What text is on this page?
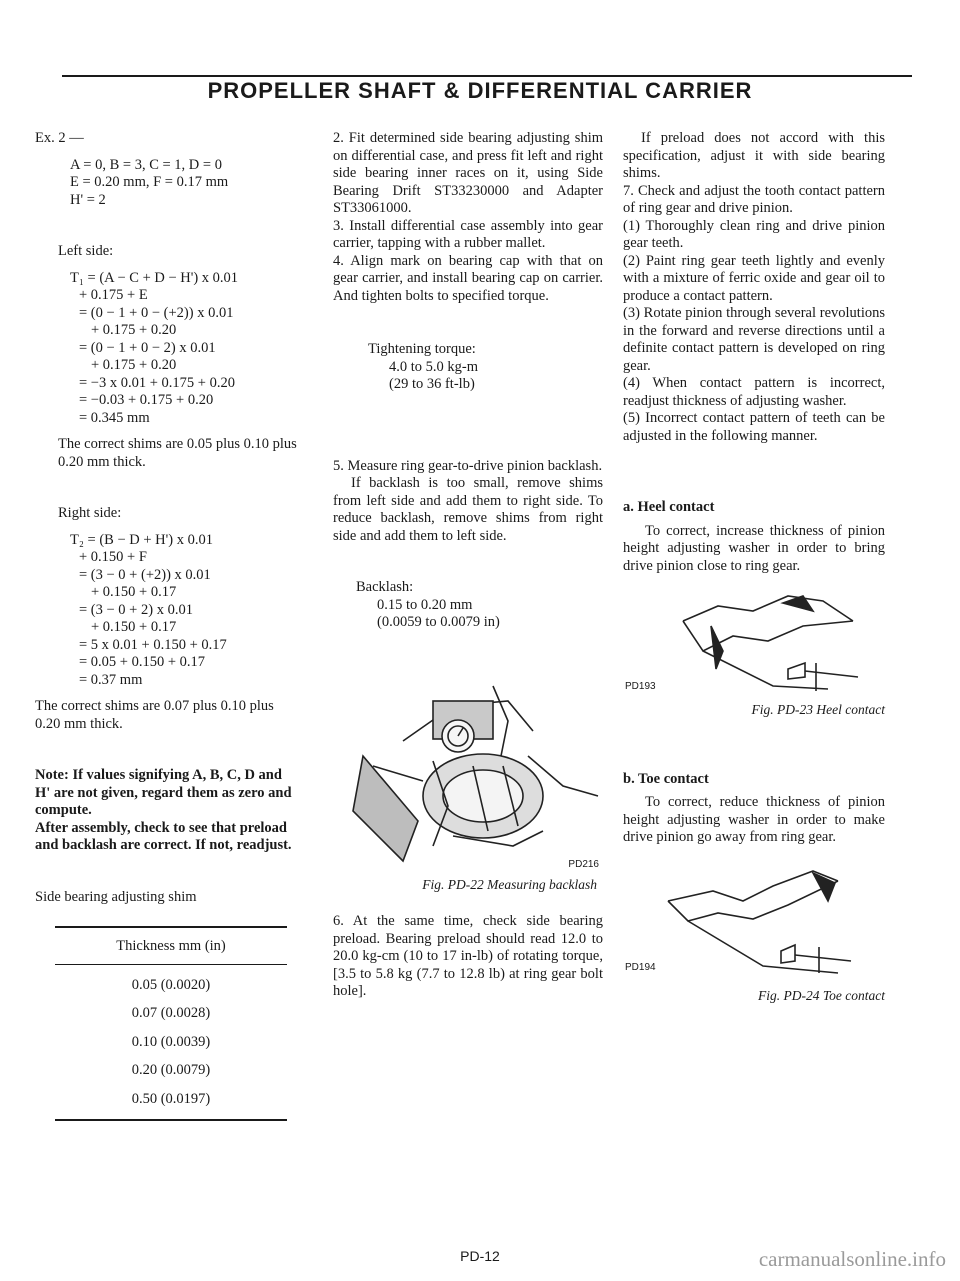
PROPELLER SHAFT & DIFFERENTIAL CARRIER

Ex. 2 —

A = 0, B = 3, C = 1, D = 0

E = 0.20 mm, F = 0.17 mm

H' = 2

Left side:

T₁ = (A − C + D − H') x 0.01

+ 0.175 + E

= (0 − 1 + 0 − (+2)) x 0.01

+ 0.175 + 0.20

= (0 − 1 + 0 − 2) x 0.01

+ 0.175 + 0.20

= −3 x 0.01 + 0.175 + 0.20

= −0.03 + 0.175 + 0.20

= 0.345 mm

The correct shims are 0.05 plus 0.10 plus 0.20 mm thick.

Right side:

T₂ = (B − D + H') x 0.01

+ 0.150 + F

= (3 − 0 + (+2)) x 0.01

+ 0.150 + 0.17

= (3 − 0 + 2) x 0.01

+ 0.150 + 0.17

= 5 x 0.01 + 0.150 + 0.17

= 0.05 + 0.150 + 0.17

= 0.37 mm

The correct shims are 0.07 plus 0.10 plus 0.20 mm thick.

Note: If values signifying A, B, C, D and H' are not given, regard them as zero and compute.

After assembly, check to see that preload and backlash are correct. If not, readjust.

Side bearing adjusting shim

Thickness mm (in)
0.05 (0.0020)
0.07 (0.0028)
0.10 (0.0039)
0.20 (0.0079)
0.50 (0.0197)

2. Fit determined side bearing adjusting shim on differential case, and press fit left and right side bearing inner races on it, using Side Bearing Drift ST33230000 and Adapter ST33061000.

3. Install differential case assembly into gear carrier, tapping with a rubber mallet.

4. Align mark on bearing cap with that on gear carrier, and install bearing cap on carrier. And tighten bolts to specified torque.

Tightening torque:

4.0 to 5.0 kg-m

(29 to 36 ft-lb)

5. Measure ring gear-to-drive pinion backlash.

If backlash is too small, remove shims from left side and add them to right side. To reduce backlash, remove shims from right side and add them to left side.

Backlash:

0.15 to 0.20 mm

(0.0059 to 0.0079 in)

PD216

Fig. PD-22 Measuring backlash

6. At the same time, check side bearing preload. Bearing preload should read 12.0 to 20.0 kg-cm (10 to 17 in-lb) of rotating torque, [3.5 to 5.8 kg (7.7 to 12.8 lb) at ring gear bolt hole].

If preload does not accord with this specification, adjust it with side bearing shims.

7. Check and adjust the tooth contact pattern of ring gear and drive pinion.

(1) Thoroughly clean ring and drive pinion gear teeth.

(2) Paint ring gear teeth lightly and evenly with a mixture of ferric oxide and gear oil to produce a contact pattern.

(3) Rotate pinion through several revolutions in the forward and reverse directions until a definite contact pattern is developed on ring gear.

(4) When contact pattern is incorrect, readjust thickness of adjusting washer.

(5) Incorrect contact pattern of teeth can be adjusted in the following manner.

a. Heel contact

To correct, increase thickness of pinion height adjusting washer in order to bring drive pinion close to ring gear.

PD193

Fig. PD-23 Heel contact

b. Toe contact

To correct, reduce thickness of pinion height adjusting washer in order to make drive pinion go away from ring gear.

PD194

Fig. PD-24 Toe contact

PD-12	carmanualsonline.info
